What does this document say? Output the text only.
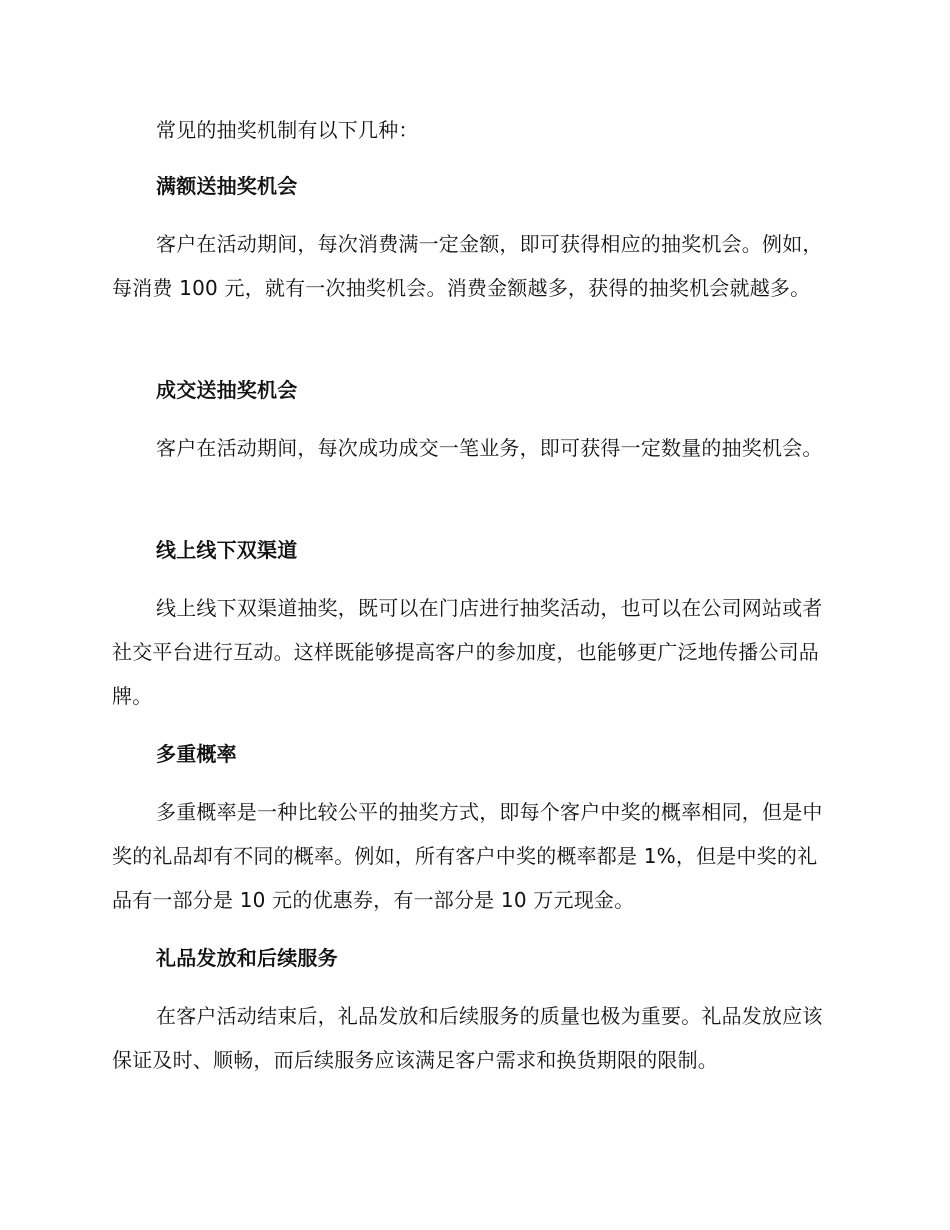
常见的抽奖机制有以下几种：
满额送抽奖机会
客户在活动期间，每次消费满一定金额，即可获得相应的抽奖机会。例如，每消费 100 元，就有一次抽奖机会。消费金额越多，获得的抽奖机会就越多。
成交送抽奖机会
客户在活动期间，每次成功成交一笔业务，即可获得一定数量的抽奖机会。
线上线下双渠道
线上线下双渠道抽奖，既可以在门店进行抽奖活动，也可以在公司网站或者社交平台进行互动。这样既能够提高客户的参加度，也能够更广泛地传播公司品牌。
多重概率
多重概率是一种比较公平的抽奖方式，即每个客户中奖的概率相同，但是中奖的礼品却有不同的概率。例如，所有客户中奖的概率都是 1%，但是中奖的礼品有一部分是 10 元的优惠券，有一部分是 10 万元现金。
礼品发放和后续服务
在客户活动结束后，礼品发放和后续服务的质量也极为重要。礼品发放应该保证及时、顺畅，而后续服务应该满足客户需求和换货期限的限制。
